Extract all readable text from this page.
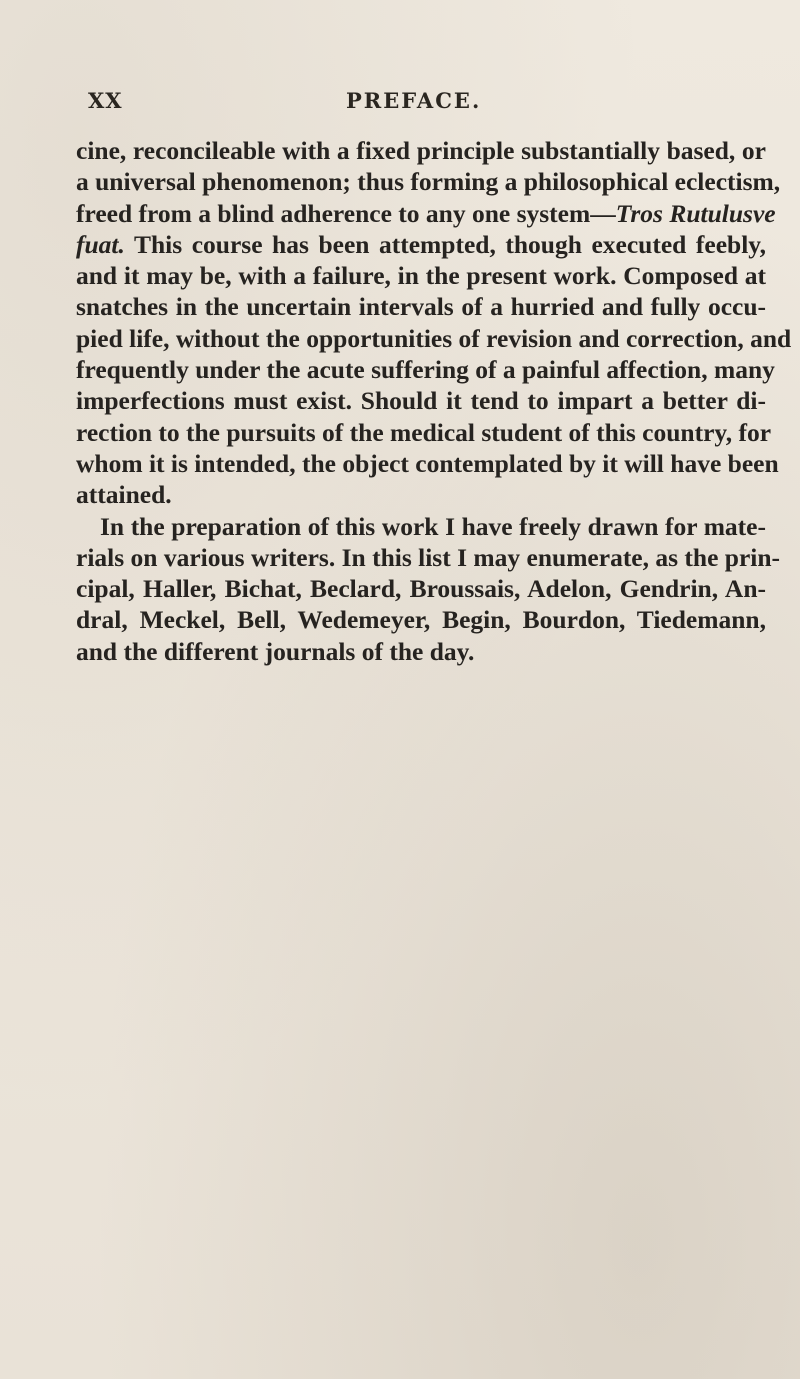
XX	PREFACE.
cine, reconcileable with a fixed principle substantially based, or
a universal phenomenon; thus forming a philosophical eclectism,
freed from a blind adherence to any one system—Tros Rutulusve
fuat. This course has been attempted, though executed feebly,
and it may be, with a failure, in the present work. Composed at
snatches in the uncertain intervals of a hurried and fully occu-
pied life, without the opportunities of revision and correction, and
frequently under the acute suffering of a painful affection, many
imperfections must exist. Should it tend to impart a better di-
rection to the pursuits of the medical student of this country, for
whom it is intended, the object contemplated by it will have been
attained.
In the preparation of this work I have freely drawn for mate-
rials on various writers. In this list I may enumerate, as the prin-
cipal, Haller, Bichat, Beclard, Broussais, Adelon, Gendrin, An-
dral, Meckel, Bell, Wedemeyer, Begin, Bourdon, Tiedemann,
and the different journals of the day.
